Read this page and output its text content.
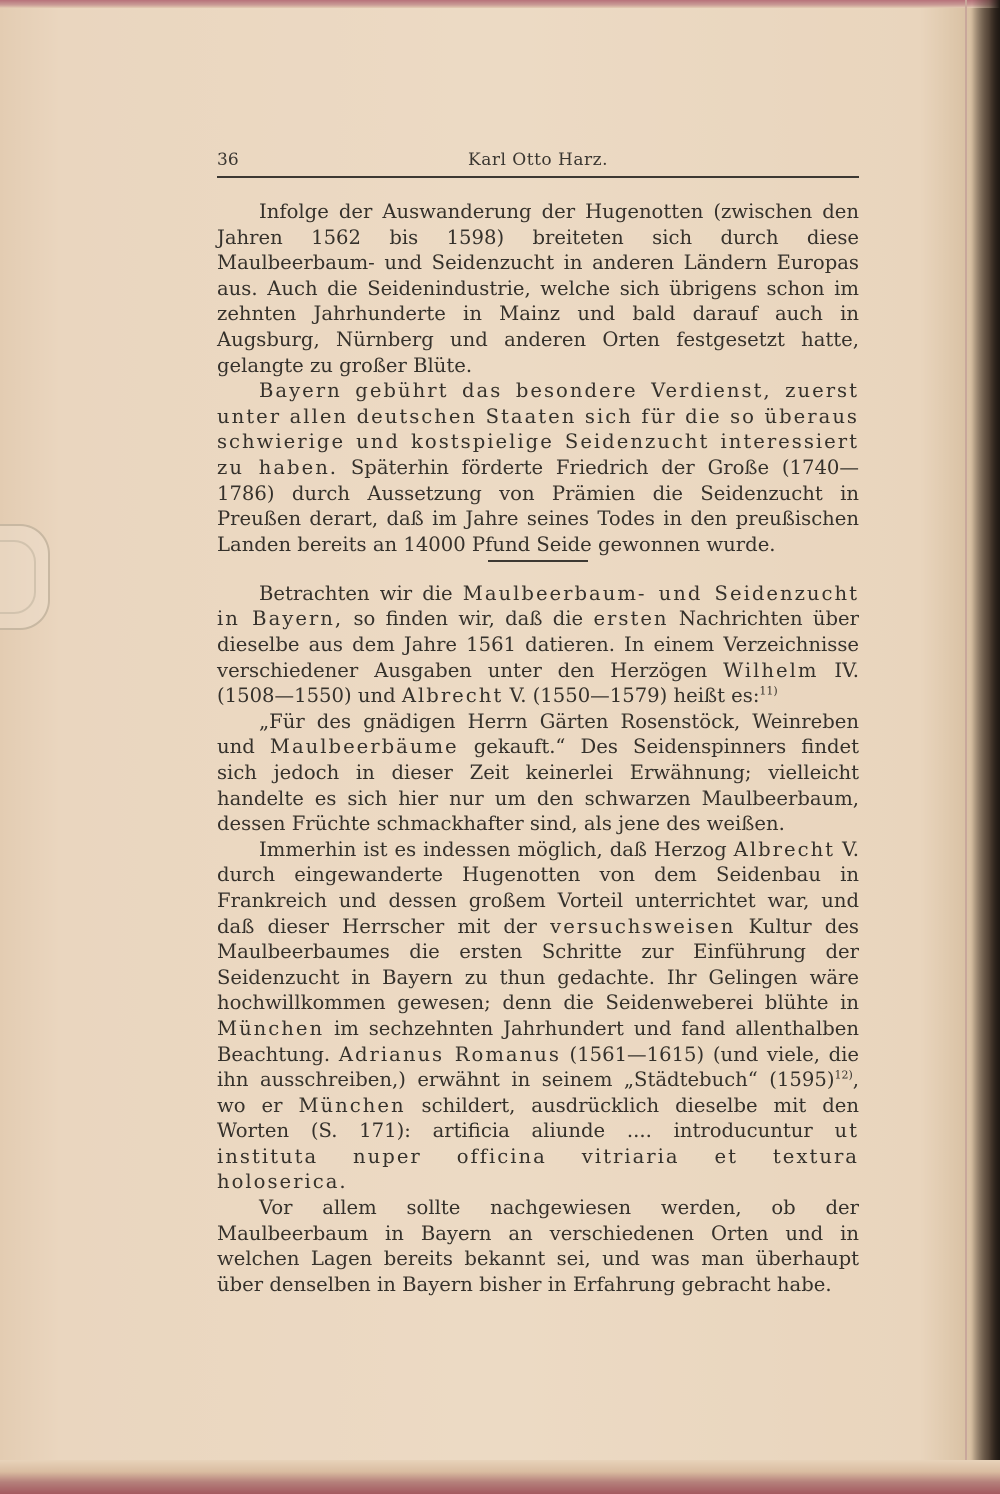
36	Karl Otto Harz.

Infolge der Auswanderung der Hugenotten (zwischen den Jahren 1562 bis 1598) breiteten sich durch diese Maulbeerbaum- und Seidenzucht in anderen Ländern Europas aus. Auch die Seidenindustrie, welche sich übrigens schon im zehnten Jahrhunderte in Mainz und bald darauf auch in Augsburg, Nürnberg und anderen Orten festgesetzt hatte, gelangte zu großer Blüte.

Bayern gebührt das besondere Verdienst, zuerst unter allen deutschen Staaten sich für die so überaus schwierige und kostspielige Seidenzucht interessiert zu haben. Späterhin förderte Friedrich der Große (1740—1786) durch Aussetzung von Prämien die Seidenzucht in Preußen derart, daß im Jahre seines Todes in den preußischen Landen bereits an 14000 Pfund Seide gewonnen wurde.

Betrachten wir die Maulbeerbaum- und Seidenzucht in Bayern, so finden wir, daß die ersten Nachrichten über dieselbe aus dem Jahre 1561 datieren. In einem Verzeichnisse verschiedener Ausgaben unter den Herzögen Wilhelm IV. (1508—1550) und Albrecht V. (1550—1579) heißt es:$^{11)}$

„Für des gnädigen Herrn Gärten Rosenstöck, Weinreben und Maulbeerbäume gekauft.“ Des Seidenspinners findet sich jedoch in dieser Zeit keinerlei Erwähnung; vielleicht handelte es sich hier nur um den schwarzen Maulbeerbaum, dessen Früchte schmackhafter sind, als jene des weißen.

Immerhin ist es indessen möglich, daß Herzog Albrecht V. durch eingewanderte Hugenotten von dem Seidenbau in Frankreich und dessen großem Vorteil unterrichtet war, und daß dieser Herrscher mit der versuchsweisen Kultur des Maulbeerbaumes die ersten Schritte zur Einführung der Seidenzucht in Bayern zu thun gedachte. Ihr Gelingen wäre hochwillkommen gewesen; denn die Seidenweberei blühte in München im sechzehnten Jahrhundert und fand allenthalben Beachtung. Adrianus Romanus (1561—1615) (und viele, die ihn ausschreiben,) erwähnt in seinem „Städtebuch“ $(1595)^{12)}$, wo er München schildert, ausdrücklich dieselbe mit den Worten (S. 171): artificia aliunde .... introducuntur ut instituta nuper officina vitriaria et textura holoserica.

Vor allem sollte nachgewiesen werden, ob der Maulbeerbaum in Bayern an verschiedenen Orten und in welchen Lagen bereits bekannt sei, und was man überhaupt über denselben in Bayern bisher in Erfahrung gebracht habe.
